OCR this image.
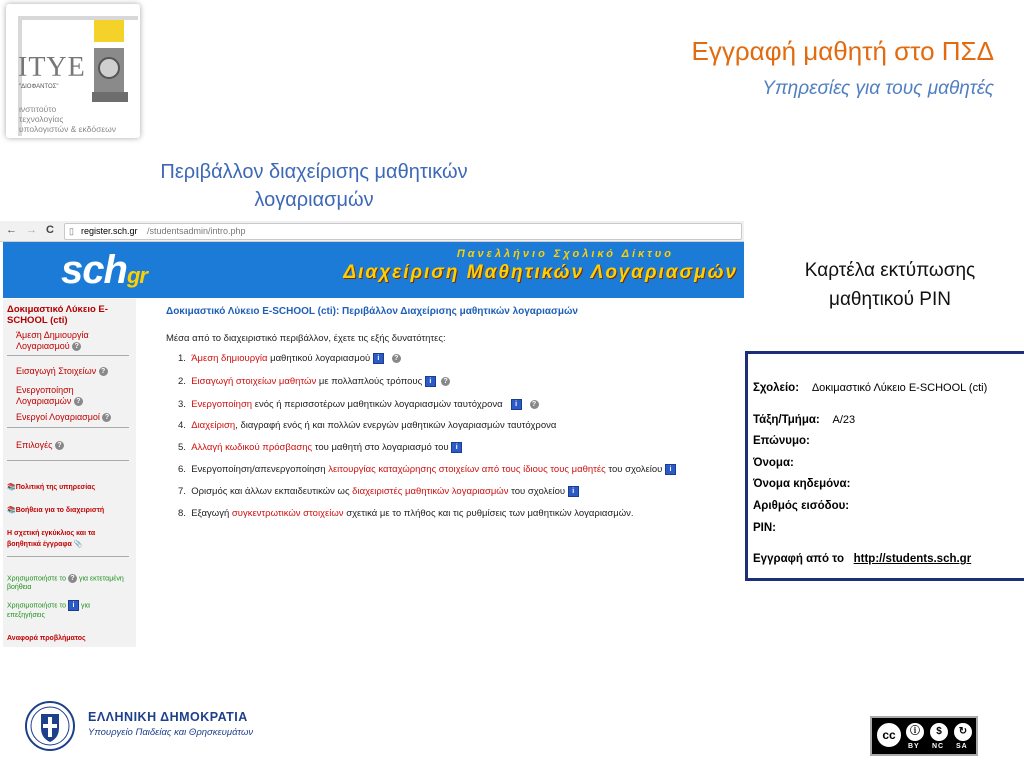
ΙΤΥΕ
"ΔΙΟΦΑΝΤΟΣ"
ινστιτούτο
τεχνολογίας
υπολογιστών & εκδόσεων
Εγγραφή μαθητή στο ΠΣΔ
Υπηρεσίες για τους μαθητές
Περιβάλλον διαχείρισης μαθητικών λογαριασμών
Καρτέλα εκτύπωσης μαθητικού PIN
← → C ▯ register.sch.gr /studentsadmin/intro.php
schgr
Πανελλήνιο Σχολικό Δίκτυο
Διαχείριση Μαθητικών Λογαριασμών
Δοκιμαστικό Λύκειο E-SCHOOL (cti)
Άμεση Δημιουργία Λογαριασμού ?
Εισαγωγή Στοιχείων ?
Ενεργοποίηση Λογαριασμών ?
Ενεργοί Λογαριασμοί ?
Επιλογές ?
📚Πολιτική της υπηρεσίας
📚Βοήθεια για το διαχειριστή
Η σχετική εγκύκλιος και τα βοηθητικά έγγραφα 📎
Χρησιμοποιήστε το ? για εκτεταμένη βοήθεια
Χρησιμοποιήστε το i για επεξηγήσεις
Αναφορά προβλήματος
Δοκιμαστικό Λύκειο E-SCHOOL (cti): Περιβάλλον Διαχείρισης μαθητικών λογαριασμών
Μέσα από το διαχειριστικό περιβάλλον, έχετε τις εξής δυνατότητες:
1. Άμεση δημιουργία μαθητικού λογαριασμού i ?
2. Εισαγωγή στοιχείων μαθητών με πολλαπλούς τρόπους i ?
3. Ενεργοποίηση ενός ή περισσοτέρων μαθητικών λογαριασμών ταυτόχρονα i ?
4. Διαχείριση, διαγραφή ενός ή και πολλών ενεργών μαθητικών λογαριασμών ταυτόχρονα
5. Αλλαγή κωδικού πρόσβασης του μαθητή στο λογαριασμό του i
6. Ενεργοποίηση/απενεργοποίηση λειτουργίας καταχώρησης στοιχείων από τους ίδιους τους μαθητές του σχολείου i
7. Ορισμός και άλλων εκπαιδευτικών ως διαχειριστές μαθητικών λογαριασμών του σχολείου i
8. Εξαγωγή συγκεντρωτικών στοιχείων σχετικά με το πλήθος και τις ρυθμίσεις των μαθητικών λογαριασμών.
Σχολείο: Δοκιμαστικό Λύκειο E-SCHOOL (cti)
Τάξη/Τμήμα: A/23
Επώνυμο:
Όνομα:
Όνομα κηδεμόνα:
Αριθμός εισόδου:
PIN:
Εγγραφή από το http://students.sch.gr
ΕΛΛΗΝΙΚΗ ΔΗΜΟΚΡΑΤΙΑ
Υπουργείο Παιδείας και Θρησκευμάτων	cc	ⓘ	$	↻
BY NC SA
